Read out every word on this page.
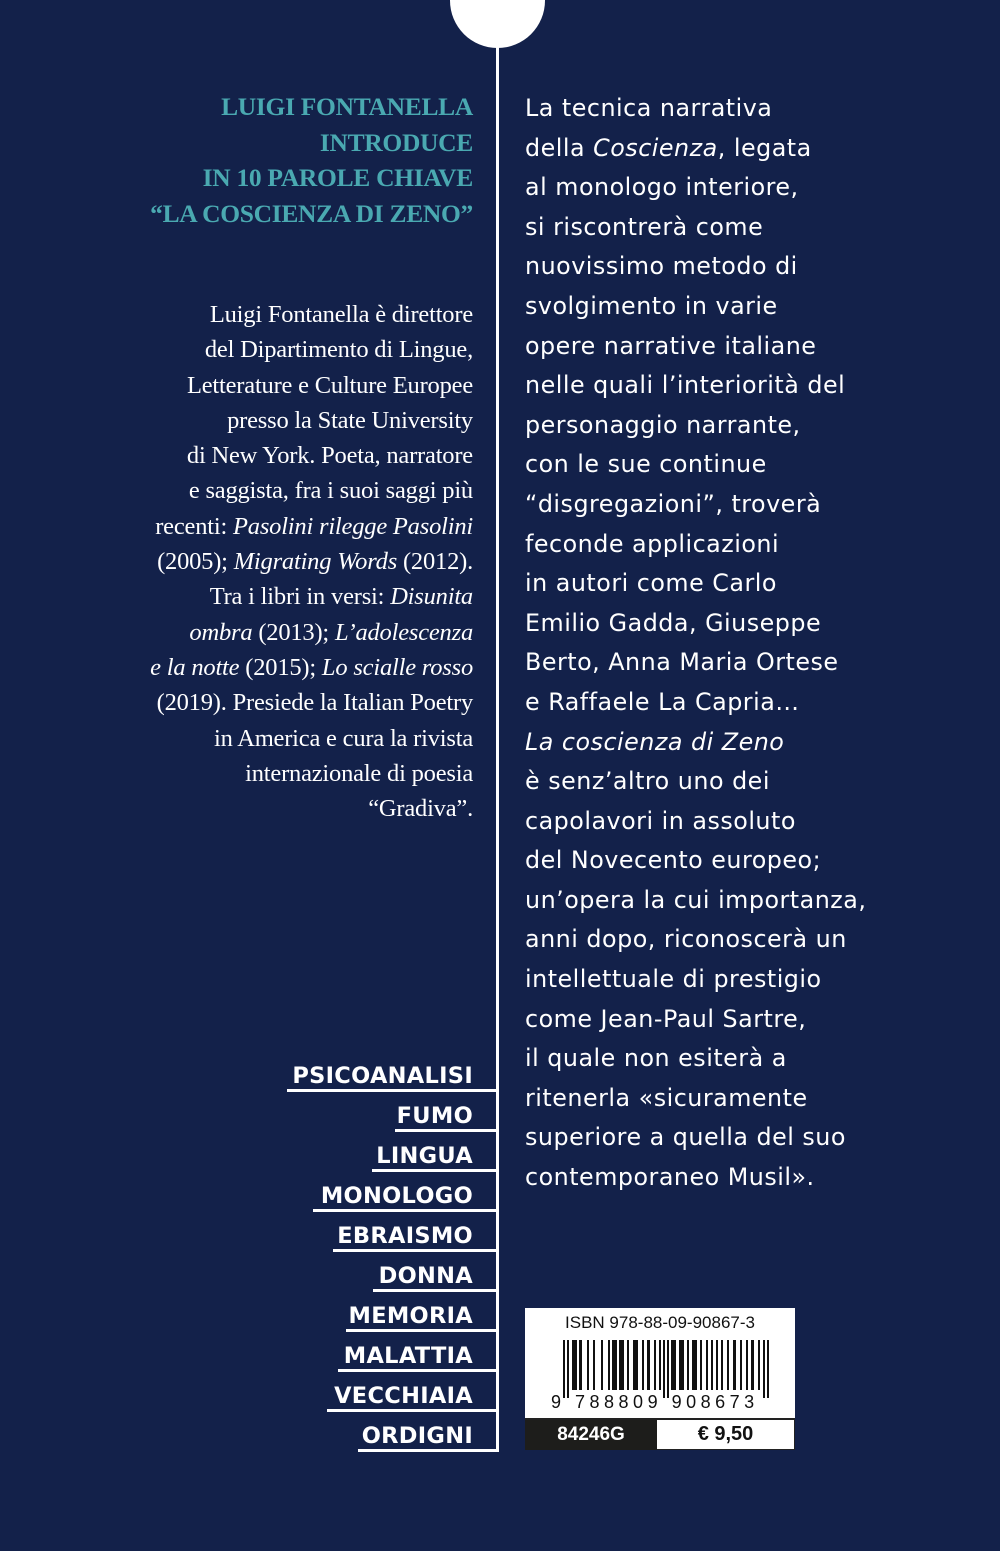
LUIGI FONTANELLA
INTRODUCE
IN 10 PAROLE CHIAVE
“LA COSCIENZA DI ZENO”
Luigi Fontanella è direttore
del Dipartimento di Lingue,
Letterature e Culture Europee
presso la State University
di New York. Poeta, narratore
e saggista, fra i suoi saggi più
recenti: Pasolini rilegge Pasolini
(2005); Migrating Words (2012).
Tra i libri in versi: Disunita
ombra (2013); L’adolescenza
e la notte (2015); Lo scialle rosso
(2019). Presiede la Italian Poetry
in America e cura la rivista
internazionale di poesia
“Gradiva”.
La tecnica narrativa
della Coscienza, legata
al monologo interiore,
si riscontrerà come
nuovissimo metodo di
svolgimento in varie
opere narrative italiane
nelle quali l’interiorità del
personaggio narrante,
con le sue continue
“disgregazioni”, troverà
feconde applicazioni
in autori come Carlo
Emilio Gadda, Giuseppe
Berto, Anna Maria Ortese
e Raffaele La Capria…
La coscienza di Zeno
è senz’altro uno dei
capolavori in assoluto
del Novecento europeo;
un’opera la cui importanza,
anni dopo, riconoscerà un
intellettuale di prestigio
come Jean-Paul Sartre,
il quale non esiterà a
ritenerla «sicuramente
superiore a quella del suo
contemporaneo Musil».
PSICOANALISI
FUMO
LINGUA
MONOLOGO
EBRAISMO
DONNA
MEMORIA
MALATTIA
VECCHIAIA
ORDIGNI
ISBN 978-88-09-90867-3
9 788809 908673
84246G	€ 9,50
